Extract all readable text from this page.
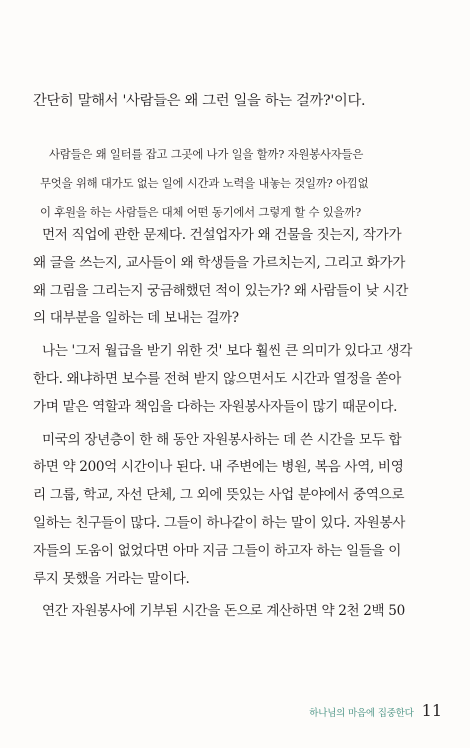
간단히 말해서 '사람들은 왜 그런 일을 하는 걸까?'이다.
사람들은 왜 일터를 잡고 그곳에 나가 일을 할까? 자원봉사자들은
무엇을 위해 대가도 없는 일에 시간과 노력을 내놓는 것일까? 아낌없
이 후원을 하는 사람들은 대체 어떤 동기에서 그렇게 할 수 있을까?
먼저 직업에 관한 문제다. 건설업자가 왜 건물을 짓는지, 작가가
왜 글을 쓰는지, 교사들이 왜 학생들을 가르치는지, 그리고 화가가
왜 그림을 그리는지 궁금해했던 적이 있는가? 왜 사람들이 낮 시간
의 대부분을 일하는 데 보내는 걸까?
나는 '그저 월급을 받기 위한 것' 보다 훨씬 큰 의미가 있다고 생각
한다. 왜냐하면 보수를 전혀 받지 않으면서도 시간과 열정을 쏟아
가며 맡은 역할과 책임을 다하는 자원봉사자들이 많기 때문이다.
미국의 장년층이 한 해 동안 자원봉사하는 데 쓴 시간을 모두 합
하면 약 200억 시간이나 된다. 내 주변에는 병원, 복음 사역, 비영
리 그룹, 학교, 자선 단체, 그 외에 뜻있는 사업 분야에서 중역으로
일하는 친구들이 많다. 그들이 하나같이 하는 말이 있다. 자원봉사
자들의 도움이 없었다면 아마 지금 그들이 하고자 하는 일들을 이
루지 못했을 거라는 말이다.
연간 자원봉사에 기부된 시간을 돈으로 계산하면 약 2천 2백 50
하나님의 마음에 집중한다 11
